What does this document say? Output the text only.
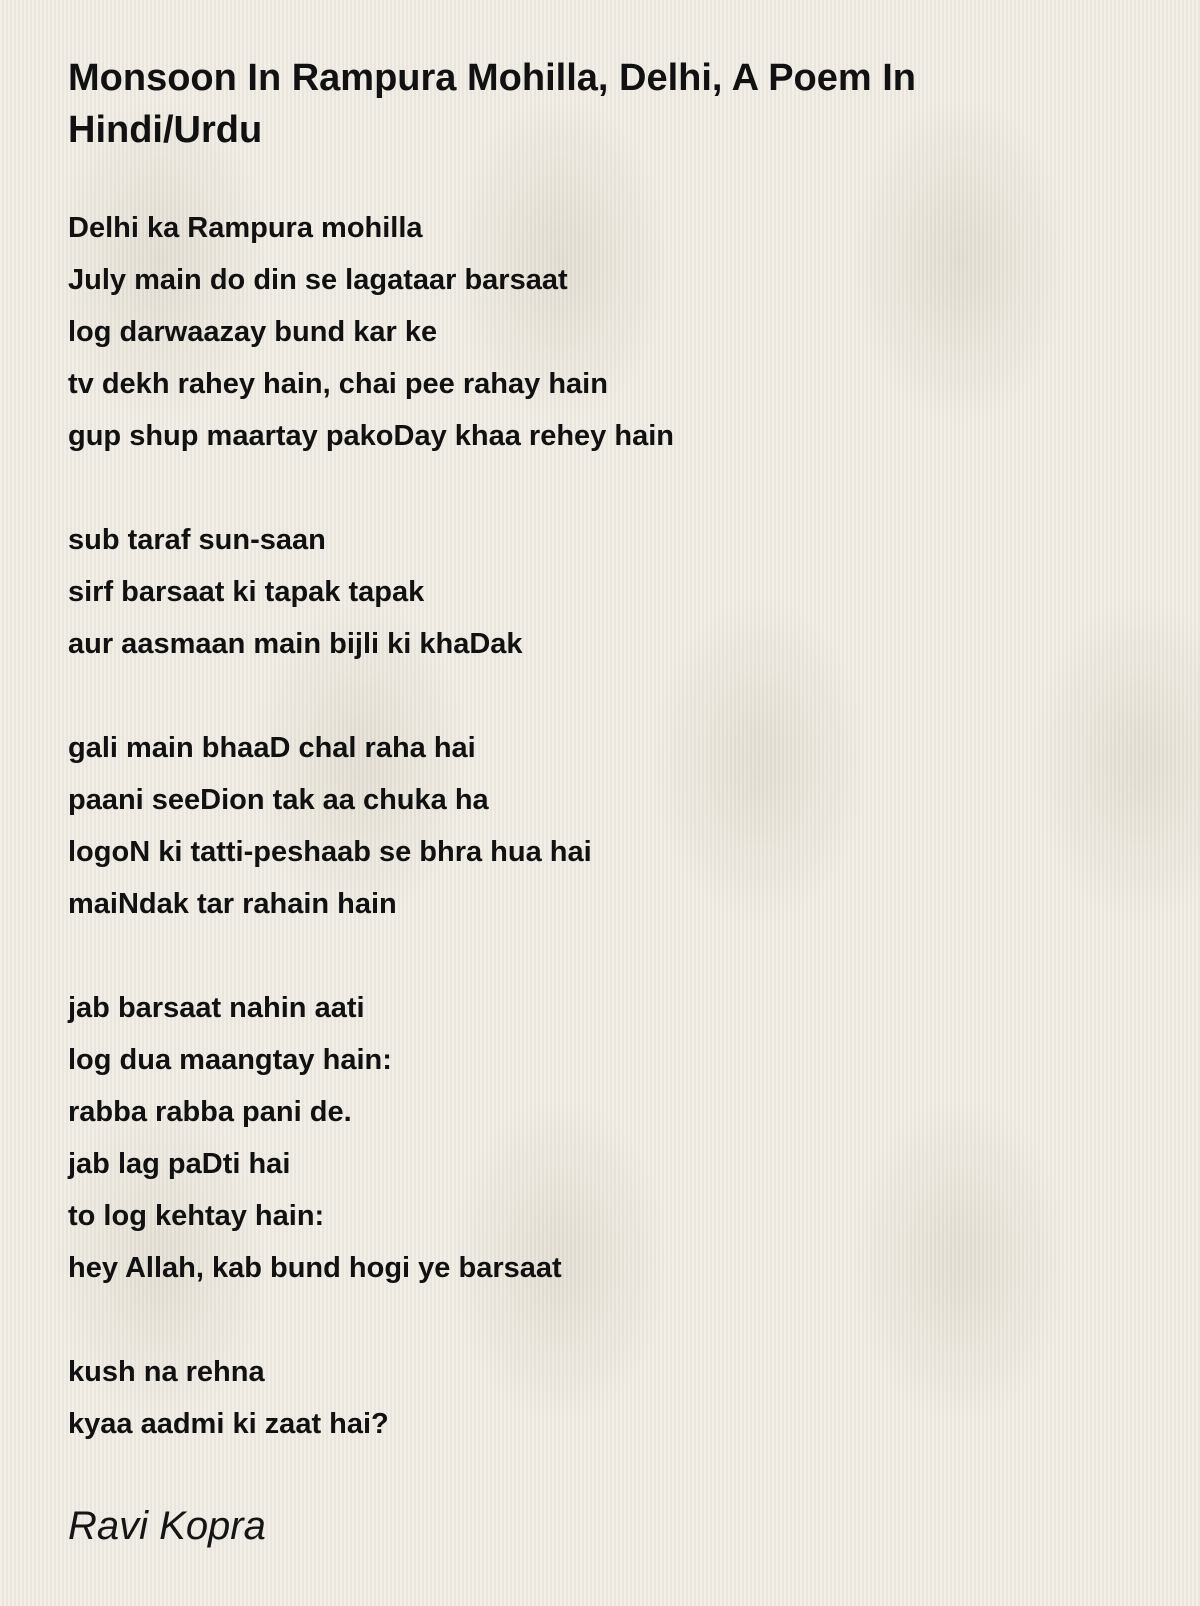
Monsoon In Rampura Mohilla, Delhi, A Poem In Hindi/Urdu
Delhi ka Rampura mohilla
July main do din se lagataar barsaat
log darwaazay bund kar ke
tv dekh rahey hain, chai pee rahay hain
gup shup maartay pakoDay khaa rehey hain
sub taraf sun-saan
sirf barsaat ki tapak tapak
aur aasmaan main bijli ki khaDak
gali main bhaaD chal raha hai
paani seeDion tak aa chuka ha
logoN ki tatti-peshaab se bhra hua hai
maiNdak tar rahain hain
jab barsaat nahin aati
log dua maangtay hain:
rabba rabba pani de.
jab lag paDti hai
to log kehtay hain:
hey Allah, kab bund hogi ye barsaat
kush na rehna
kyaa aadmi ki zaat hai?
Ravi Kopra
